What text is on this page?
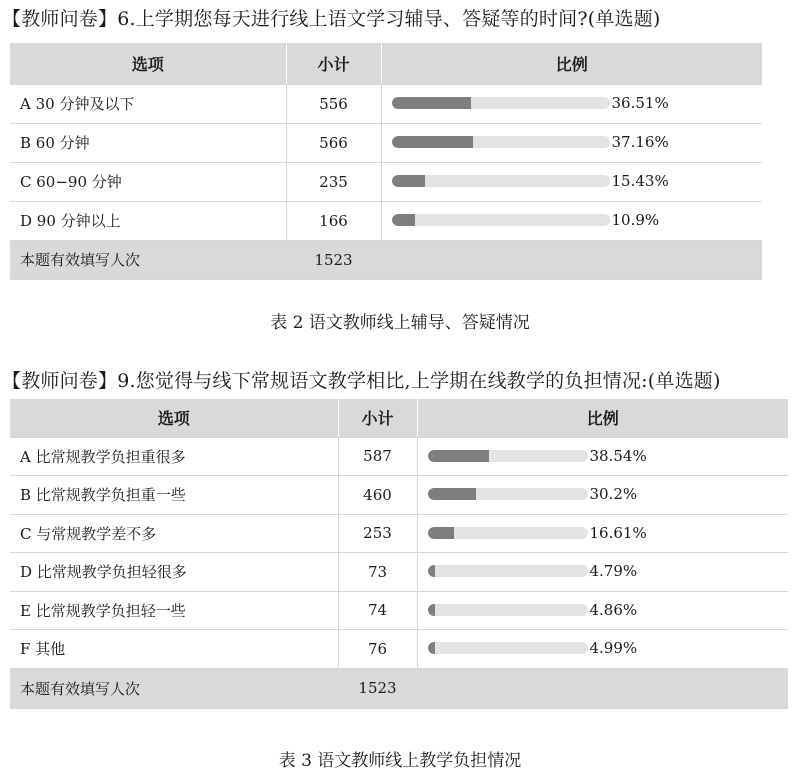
【教师问卷】6.上学期您每天进行线上语文学习辅导、答疑等的时间?(单选题)
选项	小计	比例
A 30 分钟及以下	556	36.51%

B 60 分钟	566	37.16%

C 60−90 分钟	235	15.43%

D 90 分钟以上	166	10.9%

本题有效填写人次	1523	
表 2 语文教师线上辅导、答疑情况
【教师问卷】9.您觉得与线下常规语文教学相比,上学期在线教学的负担情况:(单选题)
选项	小计	比例
A 比常规教学负担重很多	587	38.54%

B 比常规教学负担重一些	460	30.2%

C 与常规教学差不多	253	16.61%

D 比常规教学负担轻很多	73	4.79%

E 比常规教学负担轻一些	74	4.86%

F 其他	76	4.99%

本题有效填写人次	1523	
表 3 语文教师线上教学负担情况
